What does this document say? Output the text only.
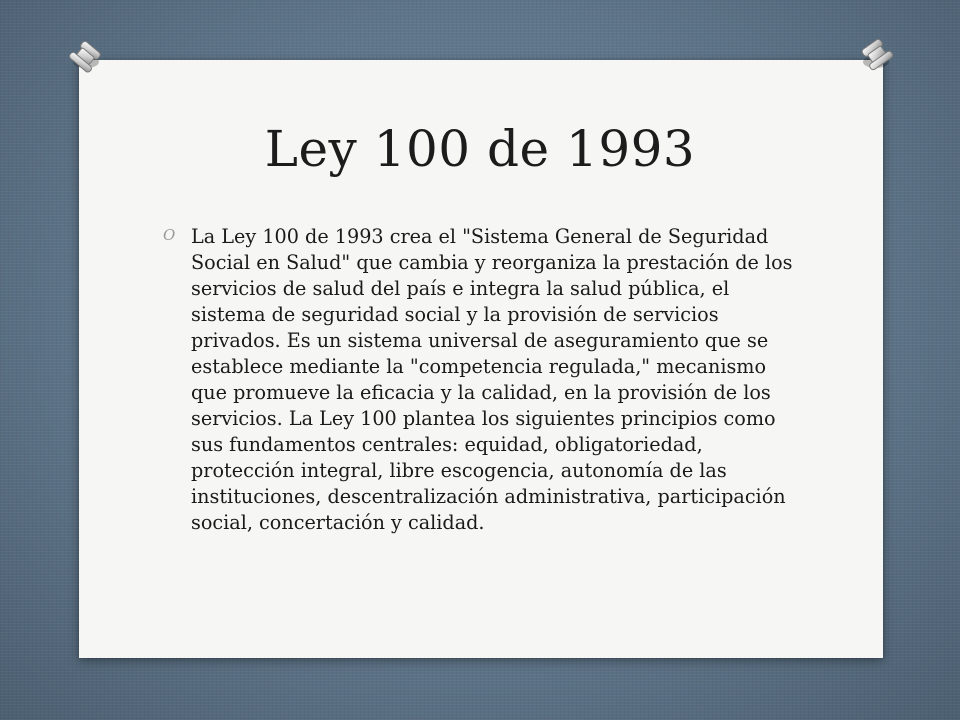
Ley 100 de 1993
O La Ley 100 de 1993 crea el "Sistema General de Seguridad Social en Salud" que cambia y reorganiza la prestación de los servicios de salud del país e integra la salud pública, el sistema de seguridad social y la provisión de servicios privados. Es un sistema universal de aseguramiento que se establece mediante la "competencia regulada," mecanismo que promueve la eficacia y la calidad, en la provisión de los servicios. La Ley 100 plantea los siguientes principios como sus fundamentos centrales: equidad, obligatoriedad, protección integral, libre escogencia, autonomía de las instituciones, descentralización administrativa, participación social, concertación y calidad.
